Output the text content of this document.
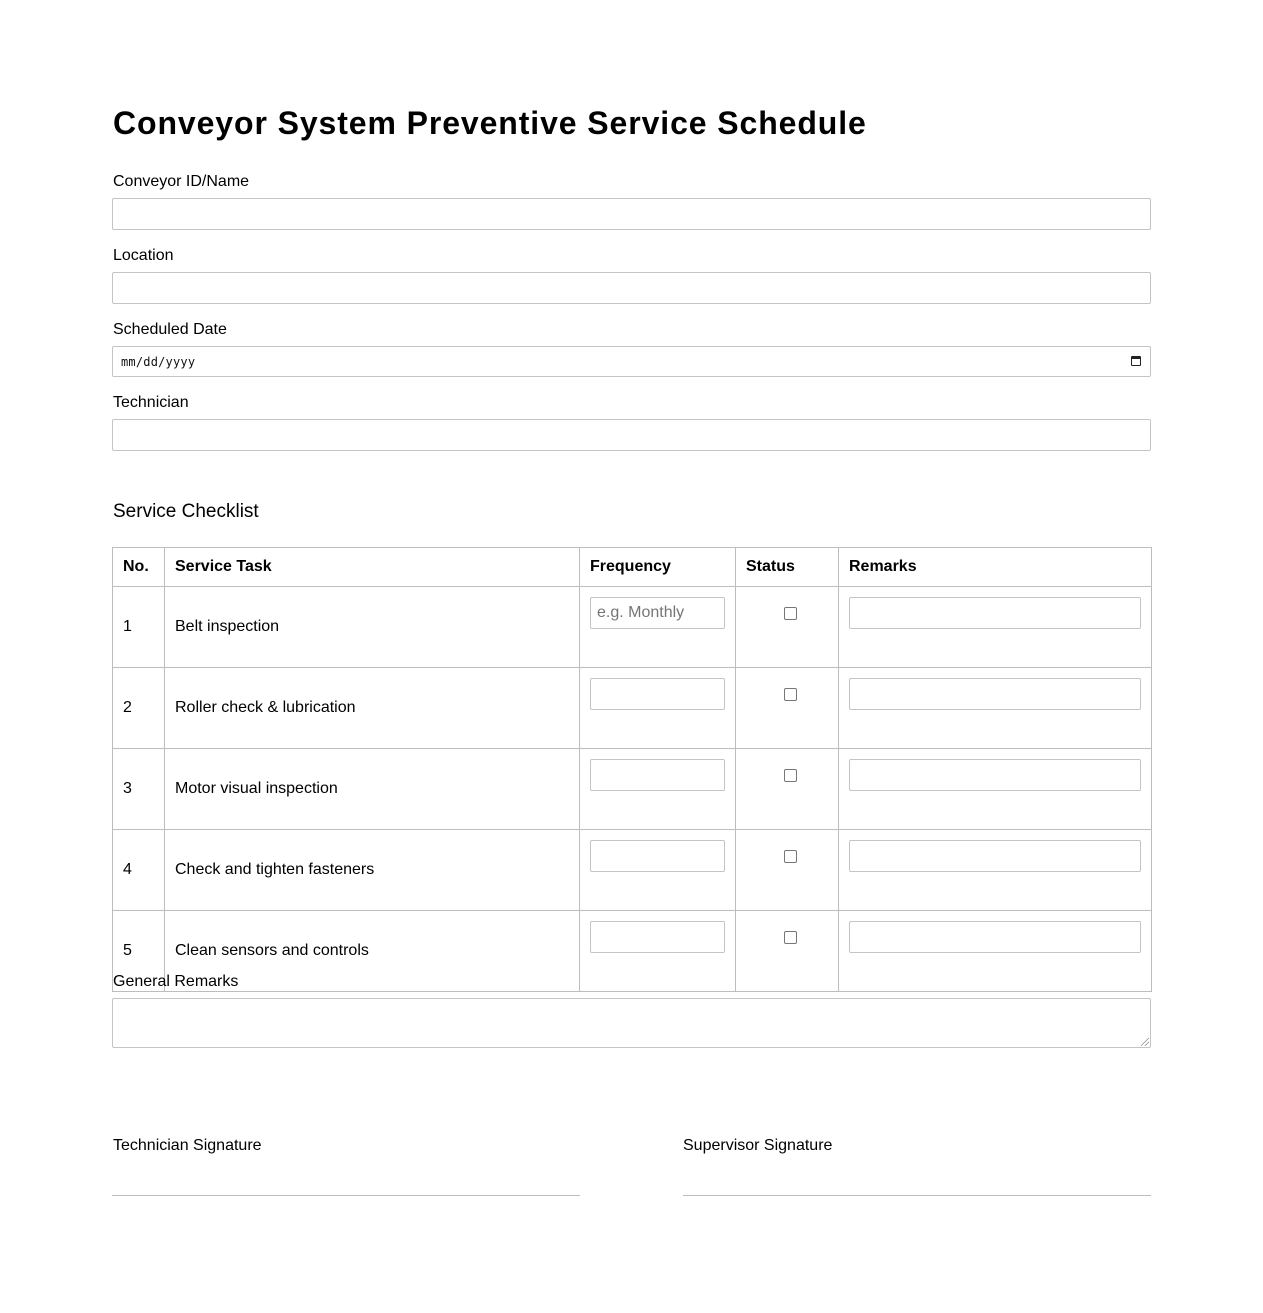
Conveyor System Preventive Service Schedule
Conveyor ID/Name
Location
Scheduled Date
mm/dd/yyyy
Technician
Service Checklist
No.	Service Task	Frequency	Status	Remarks
1	Belt inspection	e.g. Monthly		

2	Roller check & lubrication	

3	Motor visual inspection	

4	Check and tighten fasteners	

5	Clean sensors and controls	

General Remarks
Technician Signature	Supervisor Signature
